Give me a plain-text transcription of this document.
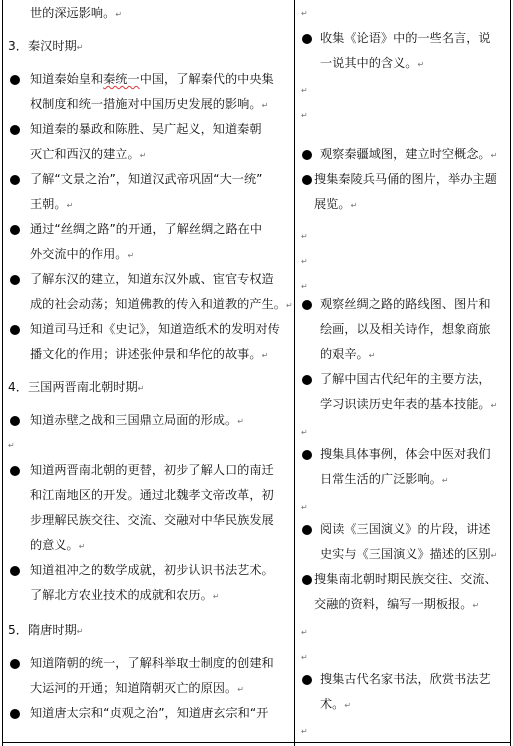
世的深远影响。↵
3．秦汉时期↵
知道秦始皇和秦统一中国，了解秦代的中央集
权制度和统一措施对中国历史发展的影响。↵
知道秦的暴政和陈胜、吴广起义，知道秦朝
灭亡和西汉的建立。↵
了解“文景之治”，知道汉武帝巩固“大一统”
王朝。↵
通过“丝绸之路”的开通，了解丝绸之路在中
外交流中的作用。↵
了解东汉的建立，知道东汉外戚、宦官专权造
成的社会动荡；知道佛教的传入和道教的产生。↵
知道司马迁和《史记》，知道造纸术的发明对传
播文化的作用；讲述张仲景和华佗的故事。↵
4．三国两晋南北朝时期↵
知道赤壁之战和三国鼎立局面的形成。↵
↵
知道两晋南北朝的更替，初步了解人口的南迁
和江南地区的开发。通过北魏孝文帝改革，初
步理解民族交往、交流、交融对中华民族发展
的意义。↵
知道祖冲之的数学成就，初步认识书法艺术。
了解北方农业技术的成就和农历。↵
5．隋唐时期↵
知道隋朝的统一，了解科举取士制度的创建和
大运河的开通；知道隋朝灭亡的原因。↵
知道唐太宗和“贞观之治”，知道唐玄宗和“开
↵
收集《论语》中的一些名言，说
一说其中的含义。↵
↵
↵
观察秦疆域图，建立时空概念。↵
搜集秦陵兵马俑的图片，举办主题
展览。↵
↵
↵
↵
观察丝绸之路的路线图、图片和
绘画，以及相关诗作，想象商旅
的艰辛。↵
了解中国古代纪年的主要方法，
学习识读历史年表的基本技能。↵
↵
搜集具体事例，体会中医对我们
日常生活的广泛影响。↵
↵
阅读《三国演义》的片段，讲述
史实与《三国演义》描述的区别↵
搜集南北朝时期民族交往、交流、
交融的资料，编写一期板报。↵
↵
↵
搜集古代名家书法，欣赏书法艺
术。↵
↵
